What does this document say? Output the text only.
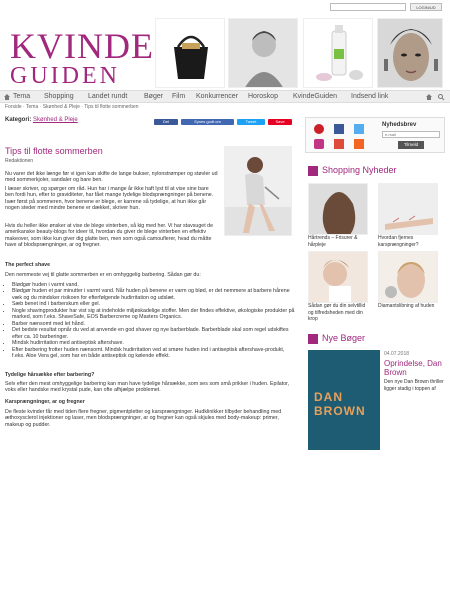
LOGIN/UD
KVINDE
GUIDEN
Tema Shopping Landet rundt Bøger Film Konkurrencer Horoskop KvindeGuiden Indsend link
Forside · Tema · Skønhed & Pleje · Tips til flotte sommerben
Kategori: Skønhed & Pleje	Del	Synes godt om	Tweet	Save
Tips til flotte sommerben
Redaktionen
Nu varer det ikke længe før vi igen kan skifte de lange bukser, nylonstrømper og støvler ud med sommerkjoler, sandaler og bare ben.
I læser skriver, og spørger om råd. Hun har i mange år ikke haft lyst til at vise sine bare ben fordi hun, efter to graviditeter, har fået mange tydelige blodsprængninger på benene. Især først på sommeren, hvor benene er blege, er karrene så tydelige, at hun ikke går nogen steder med mindre benene er dækket, skriver hun.
Hvis du heller ikke ønsker at vise de blege vinterben, så kig med her. Vi har stavsuget de amerikanske beauty-blogs for ideer til, hvordan du giver de blege vinterben en effektiv makeover, som ikke kun giver dig glatte ben, men som også camouflerer, hvad du måtte have af blodsprængninger, ar og fregner.
The perfect shave
Den nemmeste vej til glatte sommerben er en omhyggelig barbering. Sådan gør du:
• Blødgør huden i varmt vand.
• Blødgør huden et par minutter i varmt vand. Når huden på benene er varm og blød, er det nemmere at barbere hårene væk og du mindsker risikoen for efterfølgende hudirritation og udslæt.
• Sæb benet ind i barberskum eller gel.
• Nogle shavingprodukter har vist sig at indeholde miljøskadelige stoffer. Men der findes effektive, økologiske produkter på marked, som f.eks. ShaveSafe, EOS Barbercreme og Masters Organics.
• Barber nænsomt med let hånd.
• Det bedste resultat opnår du ved at anvende en god shaver og nye barberblade. Barberblade skal som regel udskiftes efter ca. 10 barberinger.
• Mindsk hudirritation med antiseptisk aftershave.
• Efter barbering frotter huden nænsomt. Mindsk hudirritation ved at smøre huden ind i antiseptisk aftershave-produkt, f.eks. Aloe Vera gel, som har en både antiseptisk og kølende effekt.
Tydelige hårsække efter barbering?
Selv efter den mest omhyggelige barbering kan man have tydelige hårsække, som ses som små prikker i huden. Epilator, voks eller handske med krystal pude, kan ofte afhjælpe problemet.
Karsprængninger, ar og fregner
De fleste kvinder får med tiden flere fregner, pigmentpletter og karsprængninger. Hudklinikker tilbyder behandling med æthoxysclerol injektioner og laser, men blodsprængninger, ar og fregner kan også skjules med body-makeup: primer, makeup og pudder.
Nyhedsbrev
e-mail
Tilmeld
Shopping Nyheder
Hårtrends – Frisurer & hårpleje
Hvordan fjernes karsprængninger?
Sådan gør du din selvtillid og tilfredsheden med din krop
Diamantslibning af huden
Nye Bøger
DAN BROWN
04.07.2018
Oprindelse, Dan Brown
Den nye Dan Brown thriller ligger stadig i toppen af
